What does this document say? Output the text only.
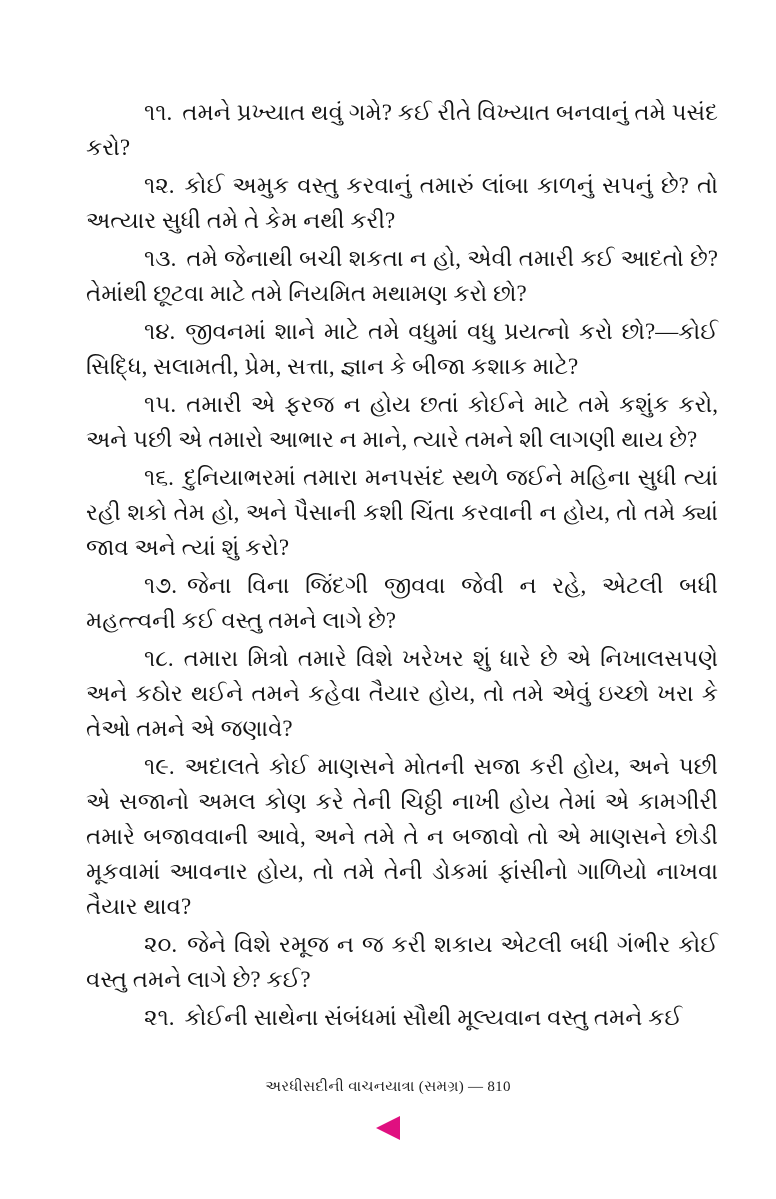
૧૧. તમને પ્રખ્યાત થવું ગમે? કઈ રીતે વિખ્યાત બનવાનું તમે પસંદ કરો?

૧૨. કોઈ અમુક વસ્તુ કરવાનું તમારું લાંબા કાળનું સપનું છે? તો અત્યાર સુધી તમે તે કેમ નથી કરી?

૧૩. તમે જેનાથી બચી શકતા ન હો, એવી તમારી કઈ આદતો છે? તેમાંથી છૂટવા માટે તમે નિયમિત મથામણ કરો છો?

૧૪. જીવનમાં શાને માટે તમે વધુમાં વધુ પ્રયત્નો કરો છો?—કોઈ સિદ્ધિ, સલામતી, પ્રેમ, સત્તા, જ્ઞાન કે બીજા કશાક માટે?

૧૫. તમારી એ ફરજ ન હોય છતાં કોઈને માટે તમે કશુંક કરો, અને પછી એ તમારો આભાર ન માને, ત્યારે તમને શી લાગણી થાય છે?

૧૬. દુનિયાભરમાં તમારા મનપસંદ સ્થળે જઈને મહિના સુધી ત્યાં રહી શકો તેમ હો, અને પૈસાની કશી ચિંતા કરવાની ન હોય, તો તમે ક્યાં જાવ અને ત્યાં શું કરો?

૧૭. જેના વિના જિંદગી જીવવા જેવી ન રહે, એટલી બધી મહત્ત્વની કઈ વસ્તુ તમને લાગે છે?

૧૮. તમારા મિત્રો તમારે વિશે ખરેખર શું ધારે છે એ નિખાલસપણે અને કઠોર થઈને તમને કહેવા તૈયાર હોય, તો તમે એવું ઇચ્છો ખરા કે તેઓ તમને એ જણાવે?

૧૯. અદાલતે કોઈ માણસને મોતની સજા કરી હોય, અને પછી એ સજાનો અમલ કોણ કરે તેની ચિઠ્ઠી નાખી હોય તેમાં એ કામગીરી તમારે બજાવવાની આવે, અને તમે તે ન બજાવો તો એ માણસને છોડી મૂકવામાં આવનાર હોય, તો તમે તેની ડોકમાં ફાંસીનો ગાળિયો નાખવા તૈયાર થાવ?

૨૦. જેને વિશે રમૂજ ન જ કરી શકાય એટલી બધી ગંભીર કોઈ વસ્તુ તમને લાગે છે? કઈ?

૨૧. કોઈની સાથેના સંબંધમાં સૌથી મૂલ્યવાન વસ્તુ તમને કઈ

અરધીસદીની વાચનયાત્રા (સમગ્ર) — 810
